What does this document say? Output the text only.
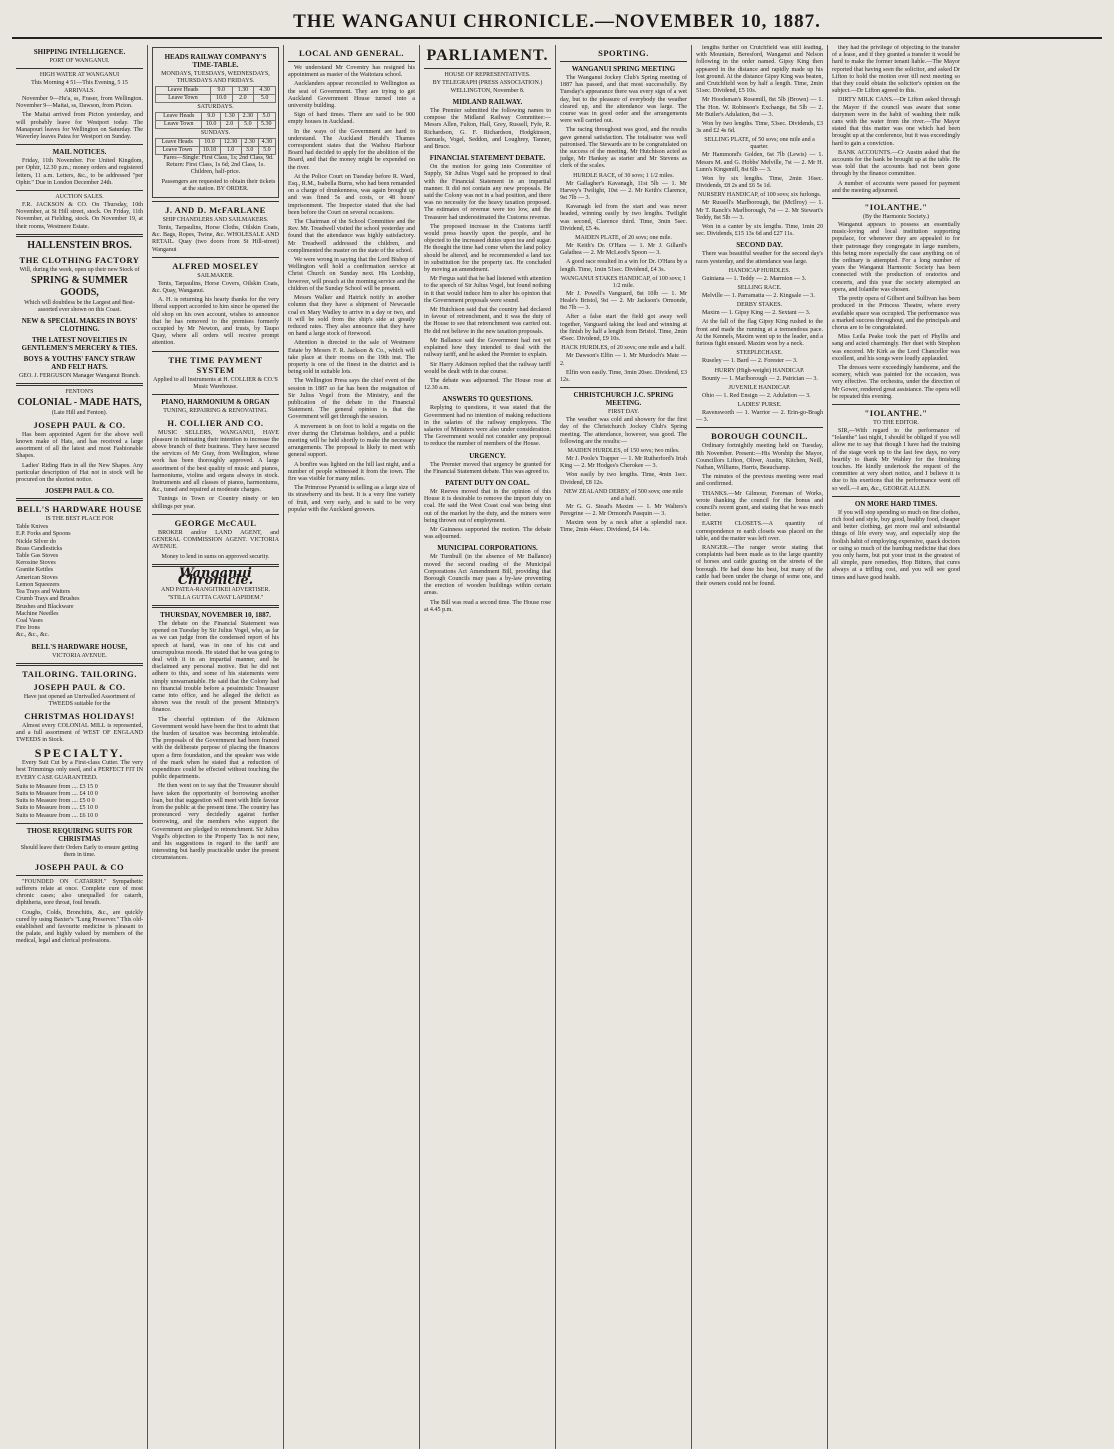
THE WANGANUI CHRONICLE.—NOVEMBER 10, 1887.
SHIPPING INTELLIGENCE.
PORT OF WANGANUI.
HIGH WATER AT WANGANUI
This Morning 4 51—This Evening, 5 15
ARRIVALS.

November 9—Hu'a, ss, Fraser, from Wellington. November 9—Maitai, ss, Dawson, from Picton.

The Maitai arrived from Picton yesterday, and will probably leave for Westport today. The Manapouri leaves for Wellington on Saturday. The Waverley leaves Patea for Westport on Sunday.

MAIL NOTICES.

Friday, 11th November. For United Kingdom, per Ophir, 12.30 p.m.; money orders and registered letters, 11 a.m. Letters, &c., to be addressed "per Ophir." Due in London December 24th.

AUCTION SALES.

F.R. JACKSON & CO. On Thursday, 10th November, at St Hill street, stock. On Friday, 11th November, at Fielding, stock. On November 19, at their rooms, Westmere Estate.

HALLENSTEIN BROS.
THE CLOTHING FACTORY
Will, during the week, open up their new Stock of
SPRING & SUMMER GOODS,
Which will doubtless be the Largest and Best-assorted ever shown on this Coast.
NEW & SPECIAL MAKES IN BOYS' CLOTHING.
THE LATEST NOVELTIES IN GENTLEMEN'S MERCERY & TIES.
BOYS & YOUTHS' FANCY STRAW AND FELT HATS.
GEO. J. FERGUSON Manager Wanganui Branch.
FENTON'S
COLONIAL - MADE HATS,
(Late Hill and Fenton).
JOSEPH PAUL & CO.

Has been appointed Agent for the above well known make of Hats, and has received a large assortment of all the latest and most Fashionable Shapes.

Ladies' Riding Hats in all the New Shapes. Any particular description of Hat not in stock will be procured on the shortest notice.

JOSEPH PAUL & CO.
BELL'S HARDWARE HOUSE
IS THE BEST PLACE FOR
Table Knives
E.P. Forks and Spoons
Nickle Silver do
Brass Candlesticks
Table Gas Stoves
Kerosine Stoves
Granite Kettles
American Stoves
Lemon Squeezers
Tea Trays and Waiters
Crumb Trays and Brushes
Brushes and Blackware
Machine Needles
Coal Vases
Fire Irons
&c., &c., &c.
BELL'S HARDWARE HOUSE,
VICTORIA AVENUE.
TAILORING. TAILORING.
JOSEPH PAUL & CO.
Have just opened an Unrivalled Assortment of TWEEDS suitable for the
CHRISTMAS HOLIDAYS!

Almost every COLONIAL MILL is represented, and a full assortment of WEST OF ENGLAND TWEEDS in Stock.

SPECIALTY.

Every Suit Cut by a First-class Cutter. The very best Trimmings only used, and a PERFECT FIT IN EVERY CASE GUARANTEED.

Suits to Measure from .... £3 15 0
Suits to Measure from .... £4 10 0
Suits to Measure from .... £5 0 0
Suits to Measure from .... £5 10 0
Suits to Measure from .... £6 10 0
THOSE REQUIRING SUITS FOR CHRISTMAS
Should leave their Orders Early to ensure getting them in time.
JOSEPH PAUL & CO

"FOUNDED ON CATARRH." Sympathetic sufferers relate at once. Complete cure of most chronic cases; also unequalled for catarrh, diphtheria, sore throat, foul breath.

Coughs, Colds, Bronchitis, &c., are quickly cured by using Baxter's "Lung Preserver." This old-established and favourite medicine is pleasant to the palate, and highly valued by members of the medical, legal and clerical professions.

HEADS RAILWAY COMPANY'S TIME-TABLE.
MONDAYS, TUESDAYS, WEDNESDAYS, THURSDAYS AND FRIDAYS.
Leave Heads	9.0	1.30	4.30
Leave Town	10.0	2.0	5.0
SATURDAYS.
Leave Heads	9.0	1.30	2.30	5.0
Leave Town	10.0	2.0	5.0	5.30
SUNDAYS.
Leave Heads	10.0	12.30	2.30	4.30
Leave Town	10.10	1.0	3.0	5.0

Fares—Single: First Class, 1s; 2nd Class, 9d. Return: First Class, 1s 6d; 2nd Class, 1s. Children, half-price.

Passengers are requested to obtain their tickets at the station. BY ORDER.

J. AND D. McFARLANE
SHIP CHANDLERS AND SAILMAKERS.

Tents, Tarpaulins, Horse Cloths, Oilskin Coats, &c. Bags, Ropes, Twine, &c. WHOLESALE AND RETAIL. Quay (two doors from St Hill-street) Wanganui

ALFRED MOSELEY
SAILMAKER.

Tents, Tarpaulins, Horse Covers, Oilskin Coats, &c. Quay, Wanganui.

A. H. is returning his hearty thanks for the very liberal support accorded to him since he opened the old shop on his own account, wishes to announce that he has removed to the premises formerly occupied by Mr Newton, and trusts, by Taupo Quay, where all orders will receive prompt attention.

THE TIME PAYMENT SYSTEM
Applied to all Instruments at H. COLLIER & CO.'S Music Warehouse.
PIANO, HARMONIUM & ORGAN
TUNING, REPAIRING & RENOVATING.
H. COLLIER AND CO.

MUSIC SELLERS, WANGANUI, HAVE pleasure in intimating their intention to increase the above branch of their business. They have secured the services of Mr Gray, from Wellington, whose work has been thoroughly approved. A large assortment of the best quality of music and pianos, harmoniums, violins and organs always in stock. Instruments and all classes of pianos, harmoniums, &c., tuned and repaired at moderate charges.

Tunings in Town or Country ninety or ten shillings per year.

GEORGE McCAUL

BROKER and/or LAND AGENT, and GENERAL COMMISSION AGENT. VICTORIA AVENUE.

Money to lend in sums on approved security.
Wanganui Chronicle.
AND PATEA-RANGITIKEI ADVERTISER.
"STILLA GUTTA CAVAT LAPIDEM."
THURSDAY, NOVEMBER 10, 1887.

The debate on the Financial Statement was opened on Tuesday by Sir Julius Vogel, who, as far as we can judge from the condensed report of his speech at hand, was in one of his cut and unscrupulous moods. He stated that he was going to deal with it in an impartial manner, and he disclaimed any personal motive. But he did not adhere to this, and some of his statements were simply unwarrantable. He said that the Colony had no financial trouble before a pessimistic Treasurer came into office, and he alleged the deficit as shown was the result of the present Ministry's finance.

The cheerful optimism of the Atkinson Government would have been the first to admit that the burden of taxation was becoming intolerable. The proposals of the Government had been framed with the deliberate purpose of placing the finances upon a firm foundation, and the speaker was wide of the mark when he stated that a reduction of expenditure could be effected without touching the public departments.

He then went on to say that the Treasurer should have taken the opportunity of borrowing another loan, but that suggestion will meet with little favour from the public at the present time. The country has pronounced very decidedly against further borrowing, and the members who support the Government are pledged to retrenchment. Sir Julius Vogel's objection to the Property Tax is not new, and his suggestions in regard to the tariff are interesting but hardly practicable under the present circumstances.

LOCAL AND GENERAL.

We understand Mr Coventry has resigned his appointment as master of the Waitotara school.

Aucklanders appear reconciled to Wellington as the seat of Government. They are trying to get Auckland Government House turned into a university building.

Sign of hard times. There are said to be 900 empty houses in Auckland.

In the ways of the Government are hard to understand. The Auckland Herald's Thames correspondent states that the Waihou Harbour Board had decided to apply for the abolition of the Board, and that the money might be expended on the river.

At the Police Court on Tuesday before R. Ward, Esq., R.M., Isabella Burns, who had been remanded on a charge of drunkenness, was again brought up and was fined 5s and costs, or 48 hours' imprisonment. The Inspector stated that she had been before the Court on several occasions.

The Chairman of the School Committee and the Rev. Mr. Treadwell visited the school yesterday and found that the attendance was highly satisfactory. Mr Treadwell addressed the children, and complimented the master on the state of the school.

We were wrong in saying that the Lord Bishop of Wellington will hold a confirmation service at Christ Church on Sunday next. His Lordship, however, will preach at the morning service and the children of the Sunday School will be present.

Messrs Walker and Hatrick notify in another column that they have a shipment of Newcastle coal ex Mary Wadley to arrive in a day or two, and it will be sold from the ship's side at greatly reduced rates. They also announce that they have on hand a large stock of firewood.

Attention is directed to the sale of Westmere Estate by Messrs F. R. Jackson & Co., which will take place at their rooms on the 19th inst. The property is one of the finest in the district and is being sold in suitable lots.

The Wellington Press says the chief event of the session in 1887 so far has been the resignation of Sir Julius Vogel from the Ministry, and the publication of the debate in the Financial Statement. The general opinion is that the Government will get through the session.

A movement is on foot to hold a regatta on the river during the Christmas holidays, and a public meeting will be held shortly to make the necessary arrangements. The proposal is likely to meet with general support.

A bonfire was lighted on the hill last night, and a number of people witnessed it from the town. The fire was visible for many miles.

The Primrose Pyramid is selling as a large size of its strawberry and its best. It is a very fine variety of fruit, and very early, and is said to be very popular with the Auckland growers.

PARLIAMENT.
HOUSE OF REPRESENTATIVES.
BY TELEGRAPH (PRESS ASSOCIATION.)
WELLINGTON, November 8.
MIDLAND RAILWAY.

The Premier submitted the following names to compose the Midland Railway Committee:—Messrs Allen, Fulton, Hall, Grey, Russell, Fyfe, R. Richardson, G. F. Richardson, Hodgkinson, Samuels, Vogel, Seddon, and Loughrey, Tanner, and Bruce.

FINANCIAL STATEMENT DEBATE.

On the motion for going into Committee of Supply, Sir Julius Vogel said he proposed to deal with the Financial Statement in an impartial manner. It did not contain any new proposals. He said the Colony was not in a bad position, and there was no necessity for the heavy taxation proposed. The estimates of revenue were too low, and the Treasurer had underestimated the Customs revenue.

The proposed increase in the Customs tariff would press heavily upon the people, and he objected to the increased duties upon tea and sugar. He thought the time had come when the land policy should be altered, and he recommended a land tax in substitution for the property tax. He concluded by moving an amendment.

Mr Fergus said that he had listened with attention to the speech of Sir Julius Vogel, but found nothing in it that would induce him to alter his opinion that the Government proposals were sound.

Mr Hutchison said that the country had declared in favour of retrenchment, and it was the duty of the House to see that retrenchment was carried out. He did not believe in the new taxation proposals.

Mr Ballance said the Government had not yet explained how they intended to deal with the railway tariff, and he asked the Premier to explain.

Sir Harry Atkinson replied that the railway tariff would be dealt with in due course.

The debate was adjourned. The House rose at 12.30 a.m.

ANSWERS TO QUESTIONS.

Replying to questions, it was stated that the Government had no intention of making reductions in the salaries of the railway employees. The salaries of Ministers were also under consideration. The Government would not consider any proposal to reduce the number of members of the House.

URGENCY.

The Premier moved that urgency be granted for the Financial Statement debate. This was agreed to.

PATENT DUTY ON COAL.

Mr Reeves moved that in the opinion of this House it is desirable to remove the import duty on coal. He said the West Coast coal was being shut out of the market by the duty, and the miners were being thrown out of employment.

Mr Guinness supported the motion. The debate was adjourned.

MUNICIPAL CORPORATIONS.

Mr Turnbull (in the absence of Mr Ballance) moved the second reading of the Municipal Corporations Act Amendment Bill, providing that Borough Councils may pass a by-law preventing the erection of wooden buildings within certain areas.

The Bill was read a second time. The House rose at 4.45 p.m.

SPORTING.
WANGANUI SPRING MEETING

The Wanganui Jockey Club's Spring meeting of 1887 has passed, and that most successfully. By Tuesday's appearance there was every sign of a wet day, but to the pleasure of everybody the weather cleared up, and the attendance was large. The course was in good order and the arrangements were well carried out.

The racing throughout was good, and the results gave general satisfaction. The totalisator was well patronised. The Stewards are to be congratulated on the success of the meeting. Mr Hutchison acted as judge, Mr Hankey as starter and Mr Stevens as clerk of the scales.

HURDLE RACE, of 30 sovs; 1 1/2 miles.

Mr Gallagher's Kavanagh, 11st 5lb — 1. Mr Harvey's Twilight, 10st — 2. Mr Keith's Clarence, 9st 7lb — 3.

Kavanagh led from the start and was never headed, winning easily by two lengths. Twilight was second, Clarence third. Time, 3min 5sec. Dividend, £5 4s.

MAIDEN PLATE, of 20 sovs; one mile.

Mr Keith's Dr. O'Hara — 1. Mr J. Gillard's Galathea — 2. Mr McLeod's Spoon — 3.

A good race resulted in a win for Dr. O'Hara by a length. Time, 1min 51sec. Dividend, £4 3s.

WANGANUI STAKES HANDICAP, of 100 sovs; 1 1/2 mile.

Mr J. Powell's Vanguard, 8st 10lb — 1. Mr Heale's Bristol, 9st — 2. Mr Jackson's Ormonde, 8st 7lb — 3.

After a false start the field got away well together, Vanguard taking the lead and winning at the finish by half a length from Bristol. Time, 2min 45sec. Dividend, £9 10s.

HACK HURDLES, of 20 sovs; one mile and a half.

Mr Dawson's Elfin — 1. Mr Murdoch's Mate — 2.

Elfin won easily. Time, 3min 20sec. Dividend, £3 12s.

CHRISTCHURCH J.C. SPRING MEETING.
FIRST DAY.

The weather was cold and showery for the first day of the Christchurch Jockey Club's Spring meeting. The attendance, however, was good. The following are the results:—

MAIDEN HURDLES, of 150 sovs; two miles.

Mr J. Poole's Trapper — 1. Mr Rutherford's Irish King — 2. Mr Hodges's Cherokee — 3.

Won easily by two lengths. Time, 4min 1sec. Dividend, £8 12s.

NEW ZEALAND DERBY, of 500 sovs; one mile and a half.

Mr G. G. Stead's Maxim — 1. Mr Walters's Peregrine — 2. Mr Ormond's Pasquin — 3.

Maxim won by a neck after a splendid race. Time, 2min 44sec. Dividend, £4 14s.

lengths further on Crutchfield was still leading, with Mountain, Beresford, Wanganui and Nelson following in the order named. Gipsy King then appeared in the distance and rapidly made up his lost ground. At the distance Gipsy King was beaten, and Crutchfield won by half a length. Time, 2min 51sec. Dividend, £5 10s.

Mr Hoodsman's Rosemill, 8st 5lb (Brown) — 1. The Hon. W. Robinson's Exchange, 8st 5lb — 2. Mr Butler's Adulation, 8st — 3.

Won by two lengths. Time, 53sec. Dividends, £3 3s and £2 4s 6d.

SELLING PLATE, of 50 sovs; one mile and a quarter.

Mr Hammond's Golden, 6st 7lb (Lewis) — 1. Messrs M. and G. Hobbs' Melville, 7st — 2. Mr H. Lunn's Kingsmill, 8st 6lb — 3.

Won by six lengths. Time, 2min 16sec. Dividends, £8 2s and £6 5s 1d.

NURSERY HANDICAP, of 100 sovs; six furlongs.

Mr Russell's Marlborough, 8st (McIlroy) — 1. Mr T. Ranch's Marlborough, 7st — 2. Mr Stewart's Teddy, 8st 5lb — 3.

Won in a canter by six lengths. Time, 1min 20 sec. Dividends, £15 13s 6d and £27 11s.

SECOND DAY.

There was beautiful weather for the second day's races yesterday, and the attendance was large.

HANDICAP HURDLES.

Guiniana — 1. Teddy — 2. Marmion — 3.

SELLING RACE.

Melville — 1. Parramatta — 2. Kingsale — 3.

DERBY STAKES.

Maxim — 1. Gipsy King — 2. Sextant — 3.

At the fall of the flag Gipsy King rushed to the front and made the running at a tremendous pace. At the Kennels, Maxim went up to the leader, and a furious fight ensued. Maxim won by a neck.

STEEPLECHASE.

Ruseley — 1. Bard — 2. Forester — 3.

HURRY (High-weight) HANDICAP.

Bounty — 1. Marlborough — 2. Patrician — 3.

JUVENILE HANDICAP.

Ohio — 1. Red Ensign — 2. Adulation — 3.

LADIES' PURSE.

Ravensworth — 1. Warrior — 2. Erin-go-Bragh — 3.

BOROUGH COUNCIL.

Ordinary fortnightly meeting held on Tuesday, 8th November. Present:—His Worship the Mayor, Councillors Lifton, Oliver, Austin, Kitchen, Neill, Nathan, Williams, Harris, Beauchamp.

The minutes of the previous meeting were read and confirmed.

THANKS.—Mr Gilmour, Foreman of Works, wrote thanking the council for the bonus and council's recent grant, and stating that he was much better.

EARTH CLOSETS.—A quantity of correspondence re earth closets was placed on the table, and the matter was left over.

RANGER.—The ranger wrote stating that complaints had been made as to the large quantity of horses and cattle grazing on the streets of the borough. He had done his best, but many of the cattle had been under the charge of some one, and their owners could not be found.

they had the privilege of objecting to the transfer of a lease, and if they granted a transfer it would be hard to make the former tenant liable.—The Mayor reported that having seen the solicitor, and asked Dr Lifton to hold the motion over till next meeting so that they could obtain the solicitor's opinion on the subject.—Dr Lifton agreed to this.

DIRTY MILK CANS.—Dr Lifton asked through the Mayor if the council was aware that some dairymen were in the habit of washing their milk cans with the water from the river.—The Mayor stated that this matter was one which had been brought up at the conference, but it was exceedingly hard to gain a conviction.

BANK ACCOUNTS.—Cr Austin asked that the accounts for the bank be brought up at the table. He was told that the accounts had not been gone through by the finance committee.

A number of accounts were passed for payment and the meeting adjourned.

"IOLANTHE."
(By the Harmonic Society.)

Wanganui appears to possess an essentially music-loving and local institution supporting populace, for whenever they are appealed to for their patronage they congregate in large numbers, this being more especially the case anything on of the ordinary is attempted. For a long number of years the Wanganui Harmonic Society has been connected with the production of oratorios and concerts, and this year the society attempted an opera, and Iolanthe was chosen.

The pretty opera of Gilbert and Sullivan has been produced in the Princess Theatre, where every available space was occupied. The performance was a marked success throughout, and the principals and chorus are to be congratulated.

Miss Leila Peake took the part of Phyllis and sang and acted charmingly. Her duet with Strephon was encored. Mr Kirk as the Lord Chancellor was excellent, and his songs were loudly applauded.

The dresses were exceedingly handsome, and the scenery, which was painted for the occasion, was very effective. The orchestra, under the direction of Mr Gower, rendered great assistance. The opera will be repeated this evening.

"IOLANTHE."
TO THE EDITOR.

SIR,—With regard to the performance of "Iolanthe" last night, I should be obliged if you will allow me to say that though I have had the training of the stage work up to the last few days, no very heartily to thank Mr Wahley for the finishing touches. He kindly undertook the request of the committee at very short notice, and I believe it is due to his exertions that the performance went off so well.—I am, &c., GEORGE ALLEN.

ON MORE HARD TIMES.

If you will stop spending so much on fine clothes, rich food and style, buy good, healthy food, cheaper and better clothing, get more real and substantial things of life every way, and especially stop the foolish habit of employing expensive, quack doctors or using so much of the humbug medicine that does you only harm, but put your trust in the greatest of all simple, pure remedies, Hop Bitters, that cures always at a trifling cost, and you will see good times and have good health.
